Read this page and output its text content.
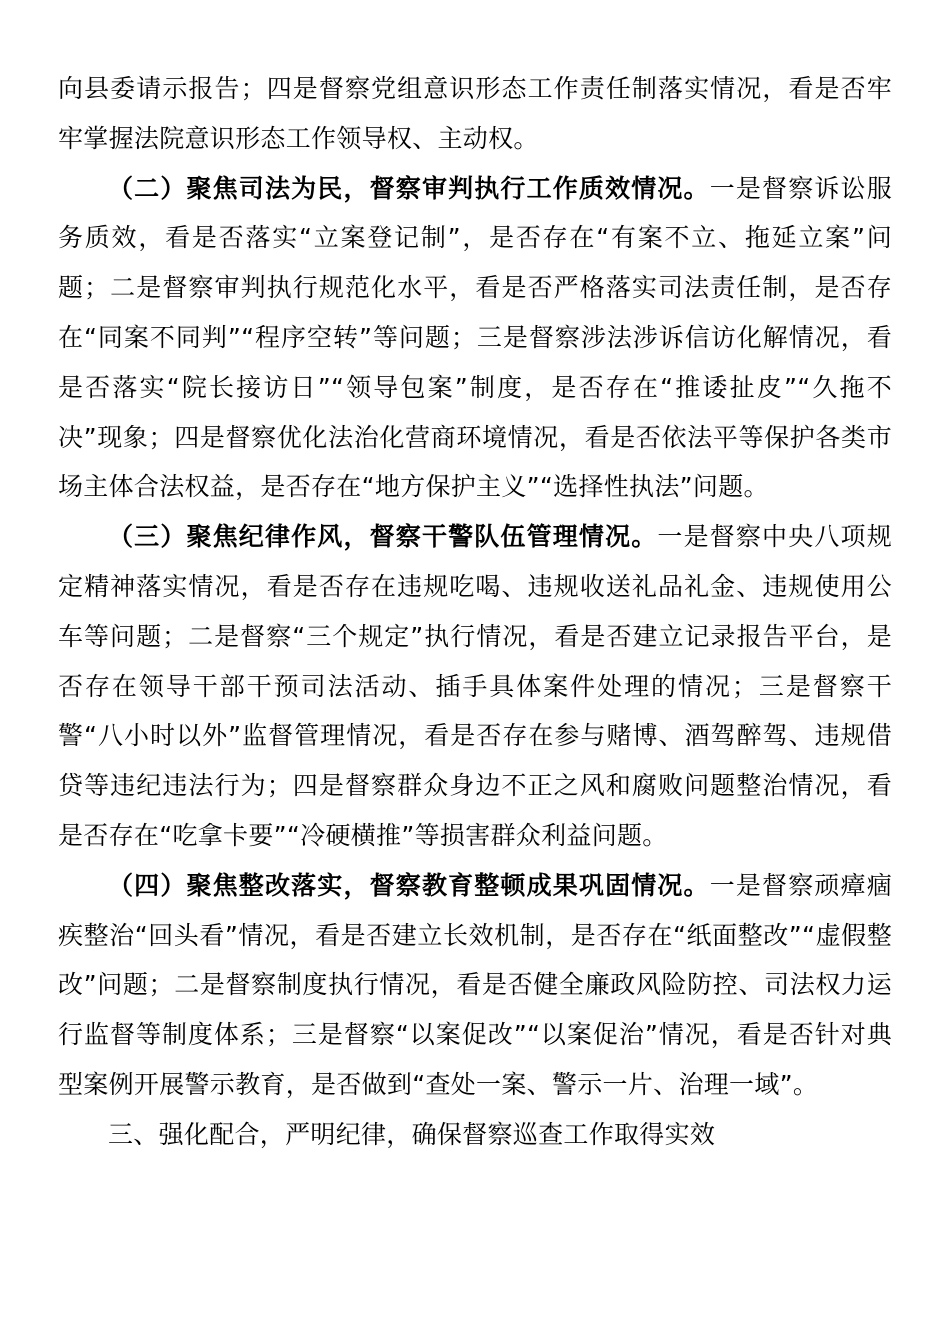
向县委请示报告；四是督察党组意识形态工作责任制落实情况，看是否牢牢掌握法院意识形态工作领导权、主动权。

（二）聚焦司法为民，督察审判执行工作质效情况。一是督察诉讼服务质效，看是否落实“立案登记制”，是否存在“有案不立、拖延立案”问题；二是督察审判执行规范化水平，看是否严格落实司法责任制，是否存在“同案不同判”“程序空转”等问题；三是督察涉法涉诉信访化解情况，看是否落实“院长接访日”“领导包案”制度，是否存在“推诿扯皮”“久拖不决”现象；四是督察优化法治化营商环境情况，看是否依法平等保护各类市场主体合法权益，是否存在“地方保护主义”“选择性执法”问题。

（三）聚焦纪律作风，督察干警队伍管理情况。一是督察中央八项规定精神落实情况，看是否存在违规吃喝、违规收送礼品礼金、违规使用公车等问题；二是督察“三个规定”执行情况，看是否建立记录报告平台，是否存在领导干部干预司法活动、插手具体案件处理的情况；三是督察干警“八小时以外”监督管理情况，看是否存在参与赌博、酒驾醉驾、违规借贷等违纪违法行为；四是督察群众身边不正之风和腐败问题整治情况，看是否存在“吃拿卡要”“冷硬横推”等损害群众利益问题。

（四）聚焦整改落实，督察教育整顿成果巩固情况。一是督察顽瘴痼疾整治“回头看”情况，看是否建立长效机制，是否存在“纸面整改”“虚假整改”问题；二是督察制度执行情况，看是否健全廉政风险防控、司法权力运行监督等制度体系；三是督察“以案促改”“以案促治”情况，看是否针对典型案例开展警示教育，是否做到“查处一案、警示一片、治理一域”。

三、强化配合，严明纪律，确保督察巡查工作取得实效
